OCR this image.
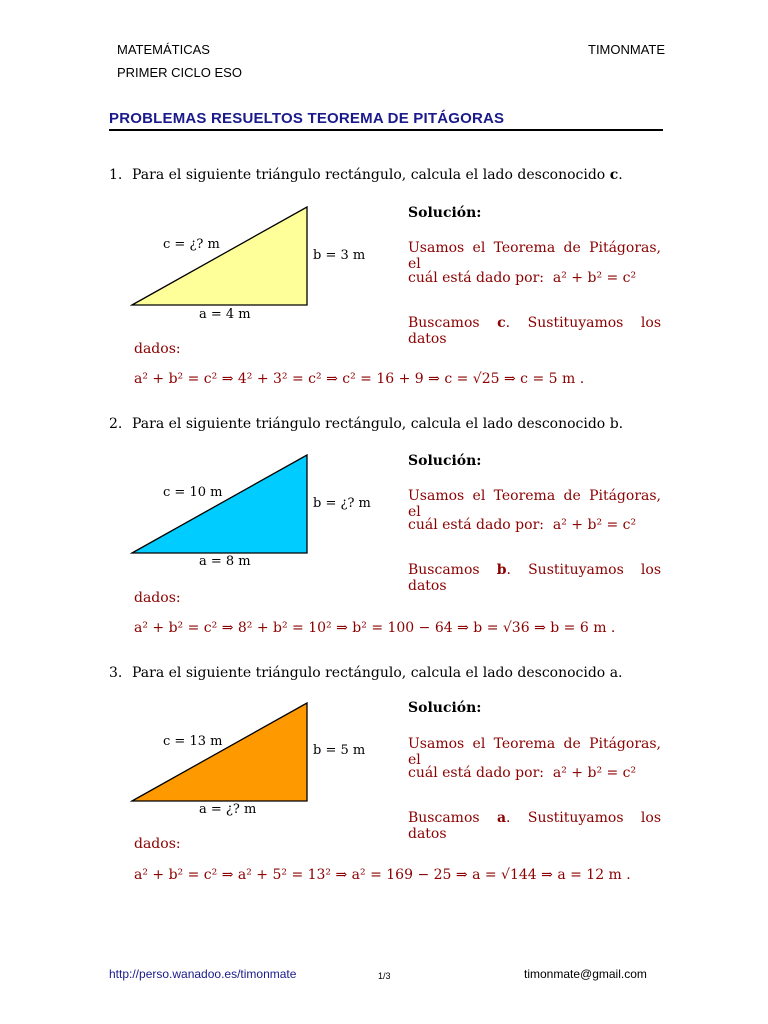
MATEMÁTICAS
PRIMER CICLO ESO
TIMONMATE
PROBLEMAS RESUELTOS TEOREMA DE PITÁGORAS
1. Para el siguiente triángulo rectángulo, calcula el lado desconocido c.
c = ¿? m
b = 3 m
a = 4 m
Solución:
Usamos el Teorema de Pitágoras, el
cuál está dado por: a² + b² = c²
Buscamos c. Sustituyamos los datos
dados:
a² + b² = c² ⇒ 4² + 3² = c² ⇒ c² = 16 + 9 ⇒ c = √25 ⇒ c = 5 m .
2. Para el siguiente triángulo rectángulo, calcula el lado desconocido b.
c = 10 m
b = ¿? m
a = 8 m
Solución:
Usamos el Teorema de Pitágoras, el
cuál está dado por: a² + b² = c²
Buscamos b. Sustituyamos los datos
dados:
a² + b² = c² ⇒ 8² + b² = 10² ⇒ b² = 100 − 64 ⇒ b = √36 ⇒ b = 6 m .
3. Para el siguiente triángulo rectángulo, calcula el lado desconocido a.
c = 13 m
b = 5 m
a = ¿? m
Solución:
Usamos el Teorema de Pitágoras, el
cuál está dado por: a² + b² = c²
Buscamos a. Sustituyamos los datos
dados:
a² + b² = c² ⇒ a² + 5² = 13² ⇒ a² = 169 − 25 ⇒ a = √144 ⇒ a = 12 m .
http://perso.wanadoo.es/timonmate	1/3	timonmate@gmail.com
